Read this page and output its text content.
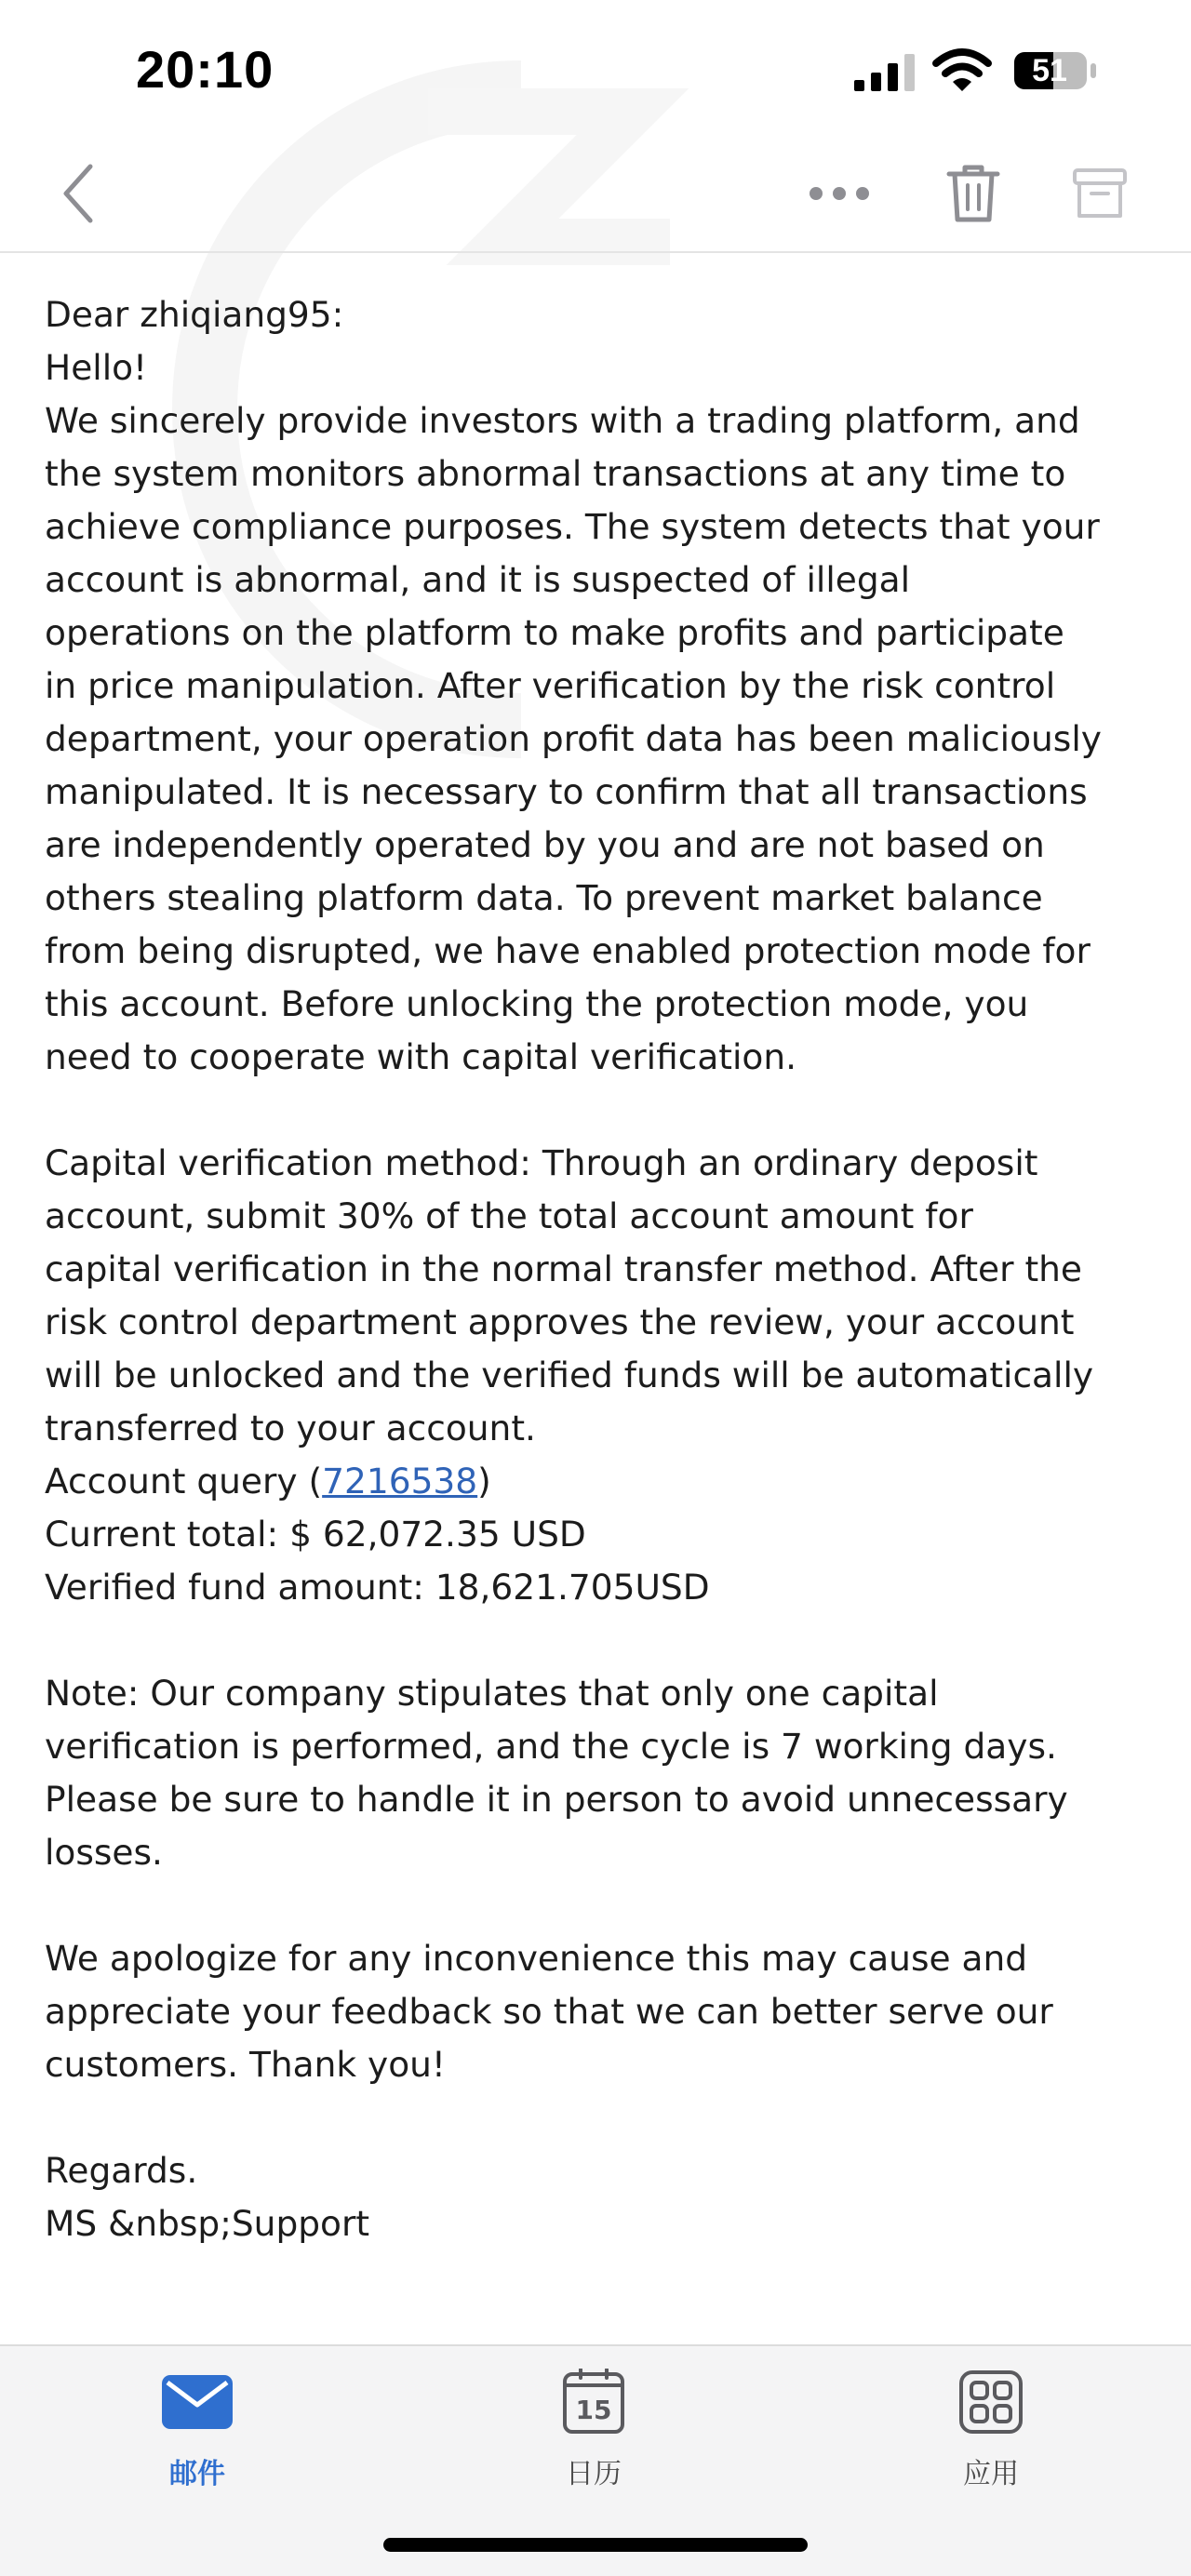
20:10	51

Dear zhiqiang95:

Hello!

We sincerely provide investors with a trading platform, and

the system monitors abnormal transactions at any time to

achieve compliance purposes. The system detects that your

account is abnormal, and it is suspected of illegal

operations on the platform to make profits and participate

in price manipulation. After verification by the risk control

department, your operation profit data has been maliciously

manipulated. It is necessary to confirm that all transactions

are independently operated by you and are not based on

others stealing platform data. To prevent market balance

from being disrupted, we have enabled protection mode for

this account. Before unlocking the protection mode, you

need to cooperate with capital verification.

Capital verification method: Through an ordinary deposit

account, submit 30% of the total account amount for

capital verification in the normal transfer method. After the

risk control department approves the review, your account

will be unlocked and the verified funds will be automatically

transferred to your account.

Account query (7216538)

Current total: $ 62,072.35 USD

Verified fund amount: 18,621.705USD

Note: Our company stipulates that only one capital

verification is performed, and the cycle is 7 working days.

Please be sure to handle it in person to avoid unnecessary

losses.

We apologize for any inconvenience this may cause and

appreciate your feedback so that we can better serve our

customers. Thank you!

Regards.

MS &nbsp;Support

邮件
15
日历	应用
